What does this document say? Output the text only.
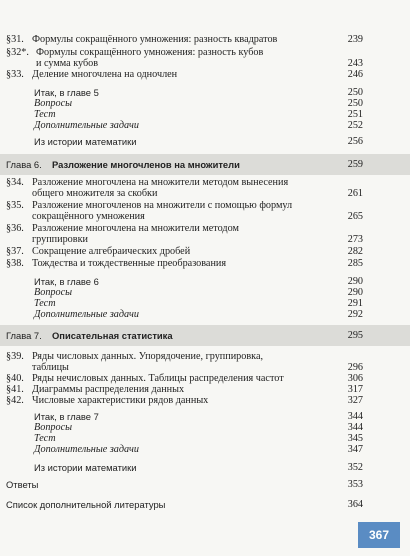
§31. Формулы сокращённого умножения: разность квадратов	239
§32*. Формулы сокращённого умножения: разность кубов
и сумма кубов	243
§33. Деление многочлена на одночлен	246
Итак, в главе 5	250
Вопросы	250
Тест	251
Дополнительные задачи	252
Из истории математики	256
Глава 6. Разложение многочленов на множители	259
§34. Разложение многочлена на множители методом вынесения
общего множителя за скобки	261
§35. Разложение многочленов на множители с помощью формул
сокращённого умножения	265
§36. Разложение многочлена на множители методом
группировки	273
§37. Сокращение алгебраических дробей	282
§38. Тождества и тождественные преобразования	285
Итак, в главе 6	290
Вопросы	290
Тест	291
Дополнительные задачи	292
Глава 7. Описательная статистика	295
§39. Ряды числовых данных. Упорядочение, группировка,
таблицы	296
§40. Ряды нечисловых данных. Таблицы распределения частот	306
§41. Диаграммы распределения данных	317
§42. Числовые характеристики рядов данных	327
Итак, в главе 7	344
Вопросы	344
Тест	345
Дополнительные задачи	347
Из истории математики	352
Ответы	353
Список дополнительной литературы	364
367
